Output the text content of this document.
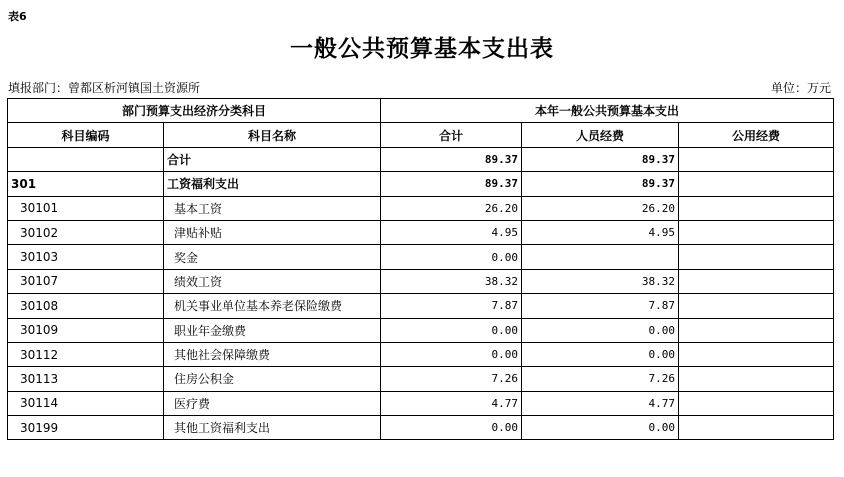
表6
一般公共预算基本支出表
填报部门：曾都区析河镇国土资源所	单位：万元
部门预算支出经济分类科目		本年一般公共预算基本支出		
科目编码	科目名称	合计	人员经费	公用经费
	合计	89.37	89.37	
301	工资福利支出	89.37	89.37	
30101	基本工资	26.20	26.20	
30102	津贴补贴	4.95	4.95	
30103	奖金	0.00		
30107	绩效工资	38.32	38.32	
30108	机关事业单位基本养老保险缴费	7.87	7.87	
30109	职业年金缴费	0.00	0.00	
30112	其他社会保障缴费	0.00	0.00	
30113	住房公积金	7.26	7.26	
30114	医疗费	4.77	4.77	
30199	其他工资福利支出	0.00	0.00	
